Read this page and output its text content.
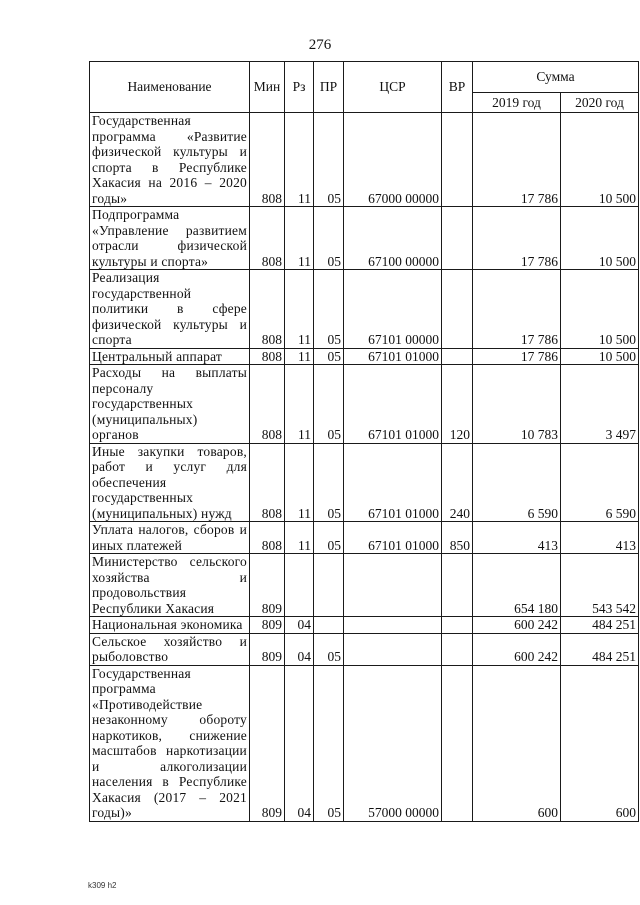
276
Наименование	Мин	Рз	ПР	ЦСР	ВР	Сумма	
						2019 год	2020 год
Государственная программа «Развитие физической культуры и спорта в Республике Хакасия на 2016 – 2020 годы»	808	11	05	67000 00000		17 786	10 500
Подпрограмма «Управление развитием отрасли физической культуры и спорта»	808	11	05	67100 00000		17 786	10 500
Реализация государственной политики в сфере физической культуры и спорта	808	11	05	67101 00000		17 786	10 500
Центральный аппарат	808	11	05	67101 01000		17 786	10 500
Расходы на выплаты персоналу государственных (муниципальных) органов	808	11	05	67101 01000	120	10 783	3 497
Иные закупки товаров, работ и услуг для обеспечения государственных (муниципальных) нужд	808	11	05	67101 01000	240	6 590	6 590
Уплата налогов, сборов и иных платежей	808	11	05	67101 01000	850	413	413
Министерство сельского хозяйства и продовольствия Республики Хакасия	809					654 180	543 542
Национальная экономика	809	04				600 242	484 251
Сельское хозяйство и рыболовство	809	04	05			600 242	484 251
Государственная программа «Противодействие незаконному обороту наркотиков, снижение масштабов наркотизации и алкоголизации населения в Республике Хакасия (2017 – 2021 годы)»	809	04	05	57000 00000		600	600
k309 h2
